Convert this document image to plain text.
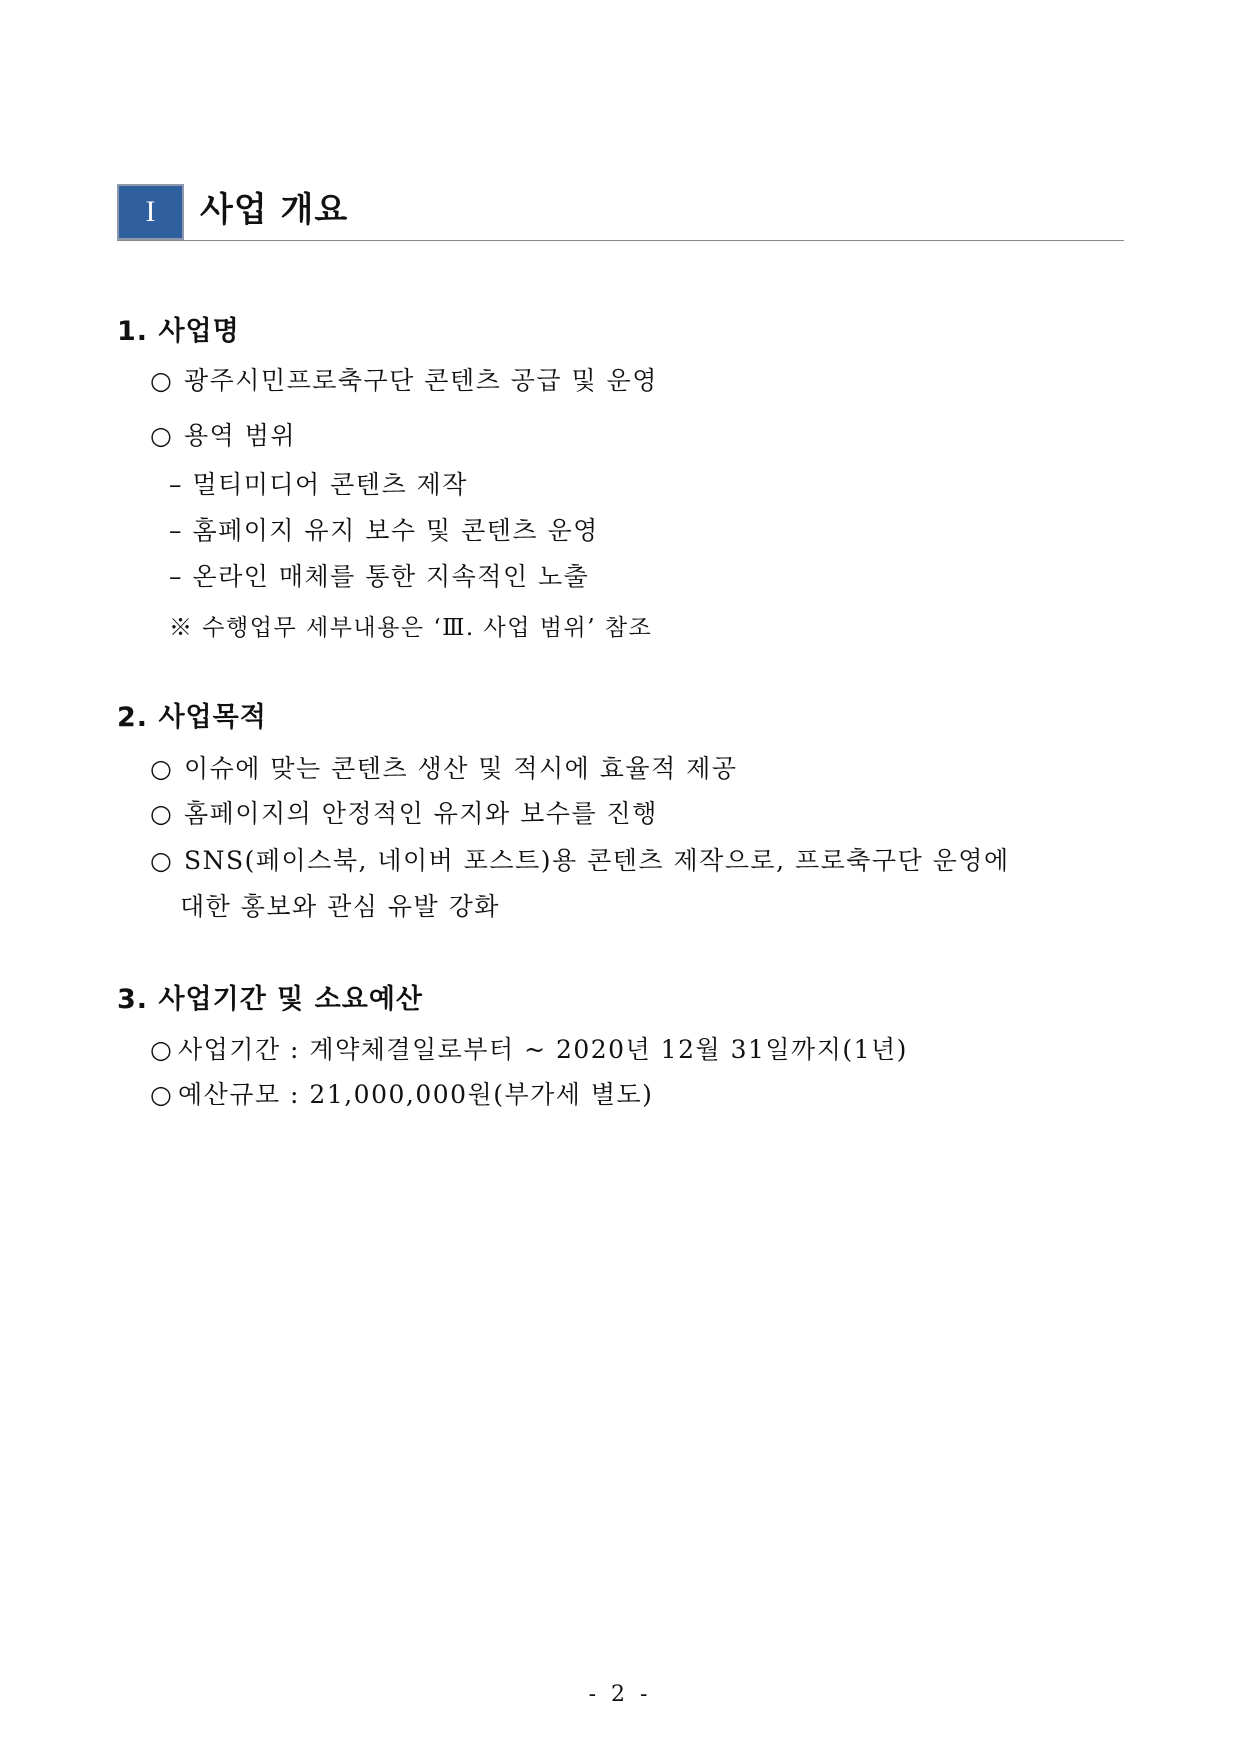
I	사업 개요
1. 사업명
○ 광주시민프로축구단 콘텐츠 공급 및 운영
○ 용역 범위
– 멀티미디어 콘텐츠 제작
– 홈페이지 유지 보수 및 콘텐츠 운영
– 온라인 매체를 통한 지속적인 노출
※ 수행업무 세부내용은 ‘Ⅲ. 사업 범위’ 참조
2. 사업목적
○ 이슈에 맞는 콘텐츠 생산 및 적시에 효율적 제공
○ 홈페이지의 안정적인 유지와 보수를 진행
○ SNS(페이스북, 네이버 포스트)용 콘텐츠 제작으로, 프로축구단 운영에
대한 홍보와 관심 유발 강화
3. 사업기간 및 소요예산
○ 사업기간 : 계약체결일로부터 ~ 2020년 12월 31일까지(1년)
○ 예산규모 : 21,000,000원(부가세 별도)
- 2 -
